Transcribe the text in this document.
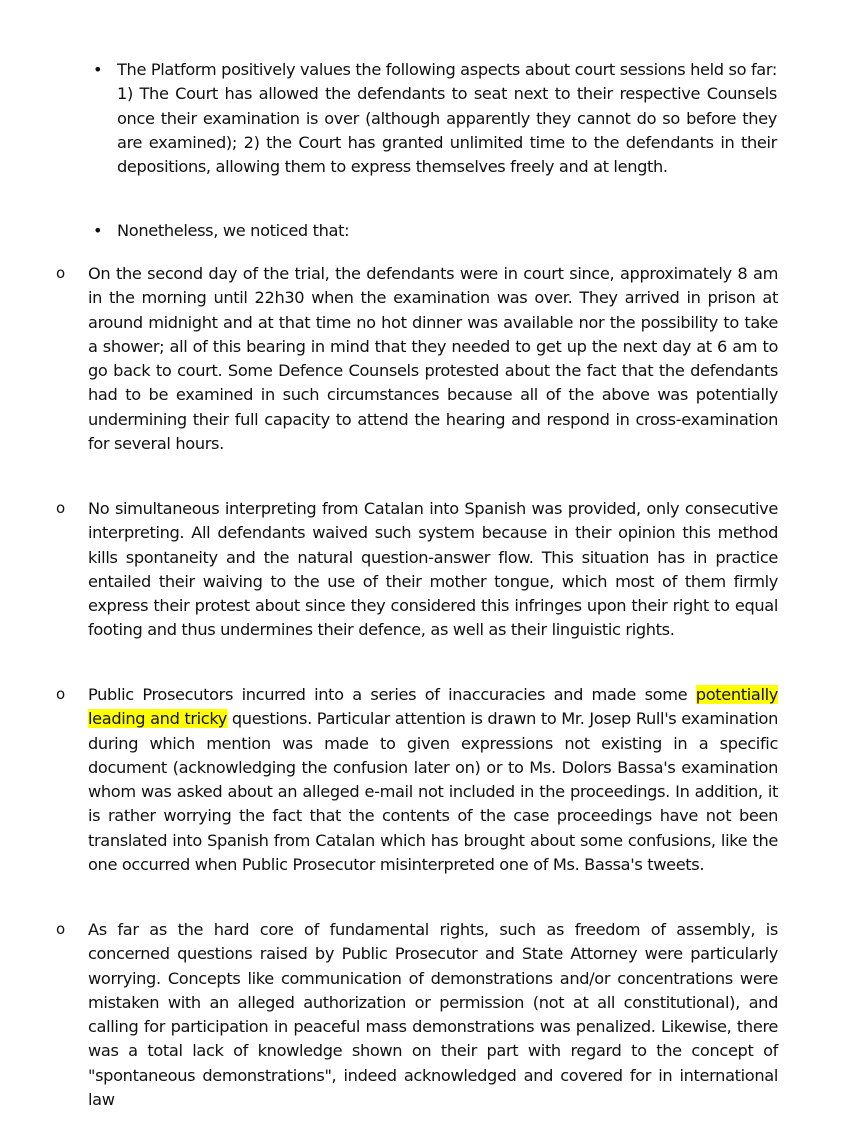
• The Platform positively values the following aspects about court sessions held so far: 1) The Court has allowed the defendants to seat next to their respective Counsels once their examination is over (although apparently they cannot do so before they are examined); 2) the Court has granted unlimited time to the defendants in their depositions, allowing them to express themselves freely and at length.
• Nonetheless, we noticed that:
o On the second day of the trial, the defendants were in court since, approximately 8 am in the morning until 22h30 when the examination was over. They arrived in prison at around midnight and at that time no hot dinner was available nor the possibility to take a shower; all of this bearing in mind that they needed to get up the next day at 6 am to go back to court. Some Defence Counsels protested about the fact that the defendants had to be examined in such circumstances because all of the above was potentially undermining their full capacity to attend the hearing and respond in cross-examination for several hours.
o No simultaneous interpreting from Catalan into Spanish was provided, only consecutive interpreting. All defendants waived such system because in their opinion this method kills spontaneity and the natural question-answer flow. This situation has in practice entailed their waiving to the use of their mother tongue, which most of them firmly express their protest about since they considered this infringes upon their right to equal footing and thus undermines their defence, as well as their linguistic rights.
o Public Prosecutors incurred into a series of inaccuracies and made some potentially leading and tricky questions. Particular attention is drawn to Mr. Josep Rull's examination during which mention was made to given expressions not existing in a specific document (acknowledging the confusion later on) or to Ms. Dolors Bassa's examination whom was asked about an alleged e-mail not included in the proceedings. In addition, it is rather worrying the fact that the contents of the case proceedings have not been translated into Spanish from Catalan which has brought about some confusions, like the one occurred when Public Prosecutor misinterpreted one of Ms. Bassa's tweets.
o As far as the hard core of fundamental rights, such as freedom of assembly, is concerned questions raised by Public Prosecutor and State Attorney were particularly worrying. Concepts like communication of demonstrations and/or concentrations were mistaken with an alleged authorization or permission (not at all constitutional), and calling for participation in peaceful mass demonstrations was penalized. Likewise, there was a total lack of knowledge shown on their part with regard to the concept of "spontaneous demonstrations", indeed acknowledged and covered for in international law
